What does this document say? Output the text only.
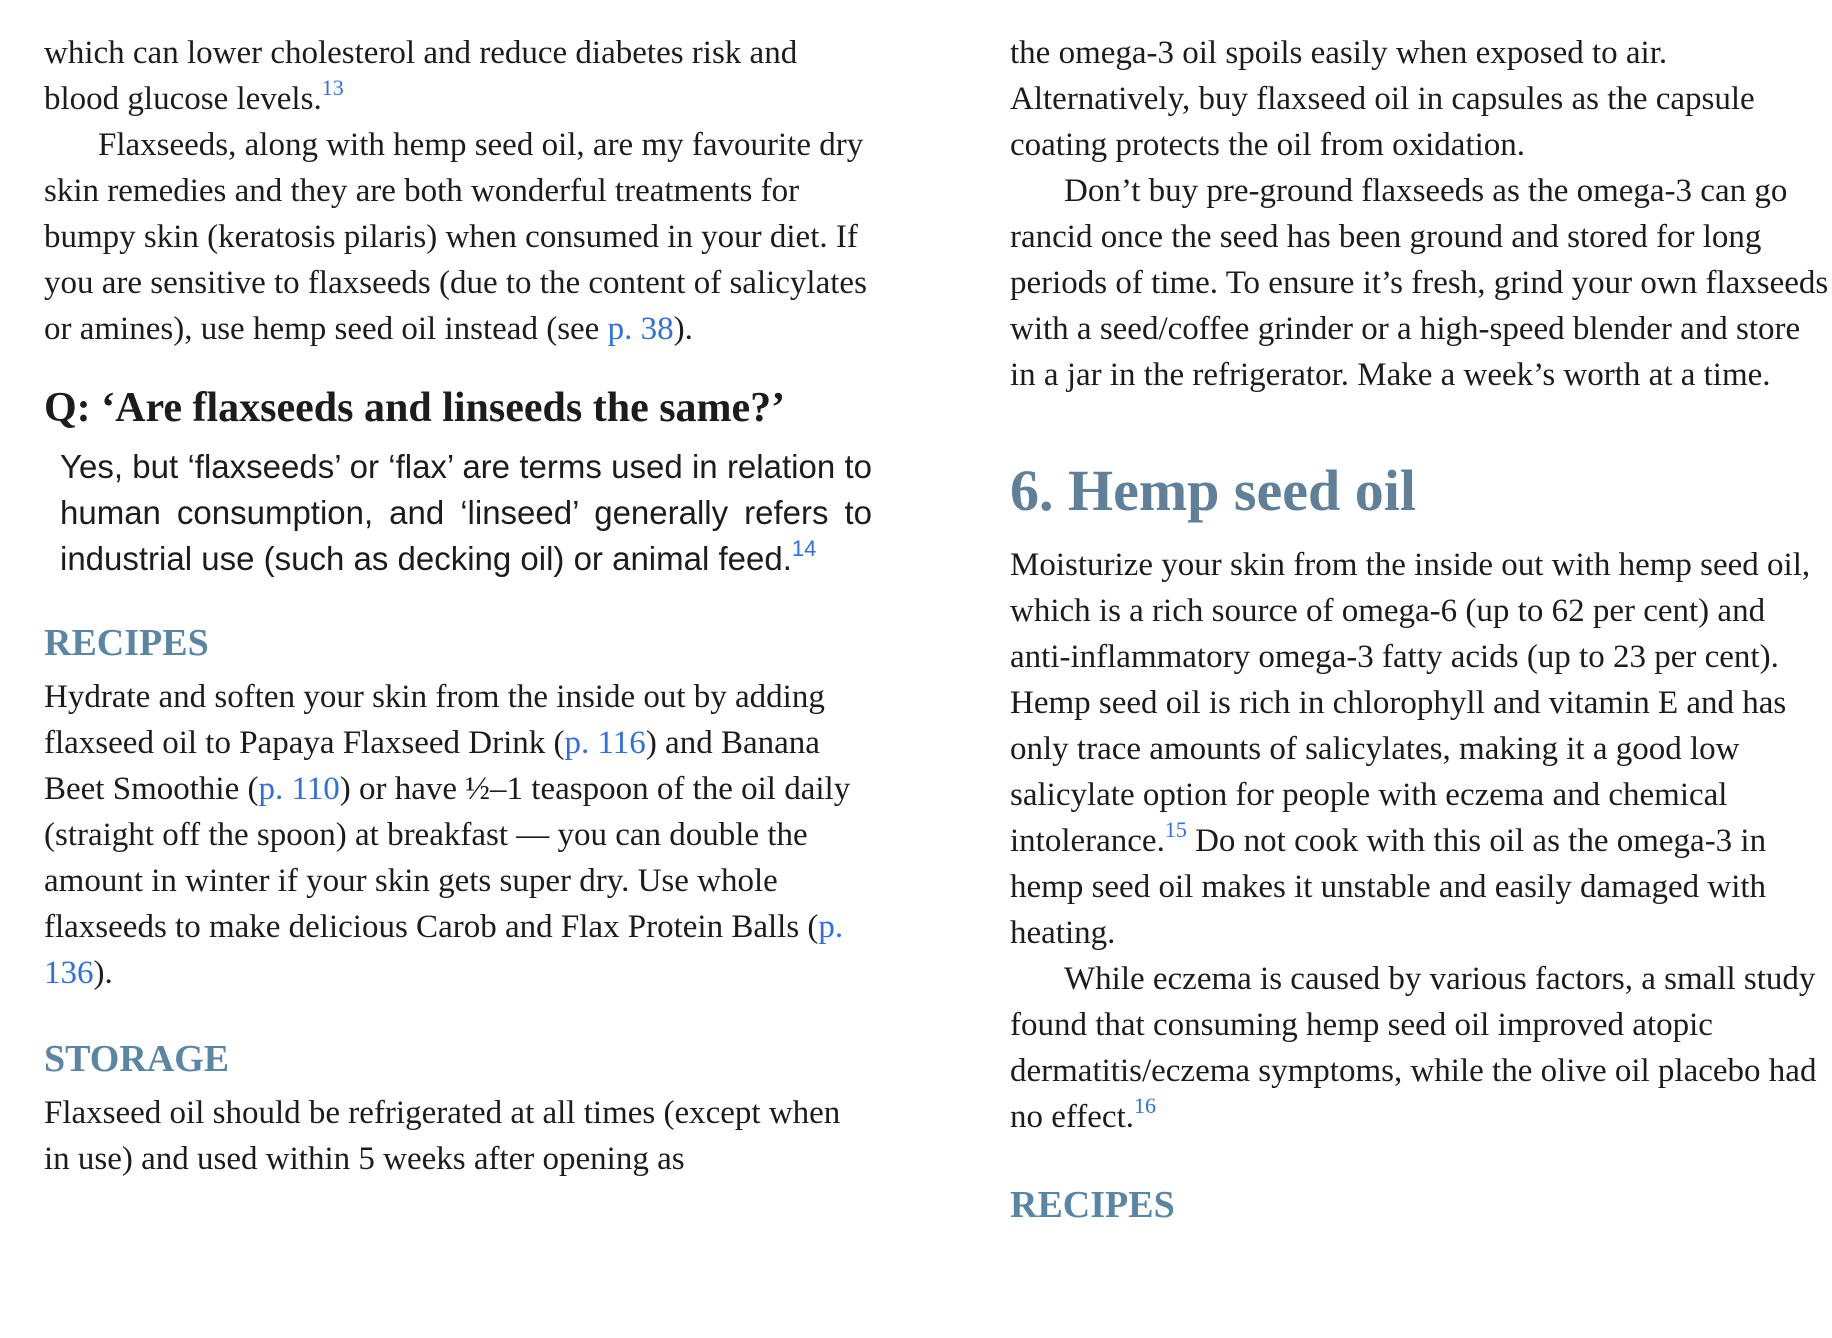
which can lower cholesterol and reduce diabetes risk and blood glucose levels.$^{13}$

Flaxseeds, along with hemp seed oil, are my favourite dry skin remedies and they are both wonderful treatments for bumpy skin (keratosis pilaris) when consumed in your diet. If you are sensitive to flaxseeds (due to the content of salicylates or amines), use hemp seed oil instead (see p. 38).

Q: ‘Are flaxseeds and linseeds the same?’

Yes, but ‘flaxseeds’ or ‘flax’ are terms used in relation to human consumption, and ‘linseed’ generally refers to industrial use (such as decking oil) or animal feed.$^{14}$

RECIPES

Hydrate and soften your skin from the inside out by adding flaxseed oil to Papaya Flaxseed Drink (p. 116) and Banana Beet Smoothie (p. 110) or have ½–1 teaspoon of the oil daily (straight off the spoon) at breakfast — you can double the amount in winter if your skin gets super dry. Use whole flaxseeds to make delicious Carob and Flax Protein Balls (p. 136).

STORAGE

Flaxseed oil should be refrigerated at all times (except when in use) and used within 5 weeks after opening as

the omega-3 oil spoils easily when exposed to air. Alternatively, buy flaxseed oil in capsules as the capsule coating protects the oil from oxidation.

Don’t buy pre-ground flaxseeds as the omega-3 can go rancid once the seed has been ground and stored for long periods of time. To ensure it’s fresh, grind your own flaxseeds with a seed/coffee grinder or a high-speed blender and store in a jar in the refrigerator. Make a week’s worth at a time.

6. Hemp seed oil

Moisturize your skin from the inside out with hemp seed oil, which is a rich source of omega-6 (up to 62 per cent) and anti-inflammatory omega-3 fatty acids (up to 23 per cent). Hemp seed oil is rich in chlorophyll and vitamin E and has only trace amounts of salicylates, making it a good low salicylate option for people with eczema and chemical intolerance.$^{15}$ Do not cook with this oil as the omega-3 in hemp seed oil makes it unstable and easily damaged with heating.

While eczema is caused by various factors, a small study found that consuming hemp seed oil improved atopic dermatitis/eczema symptoms, while the olive oil placebo had no effect.$^{16}$

RECIPES
